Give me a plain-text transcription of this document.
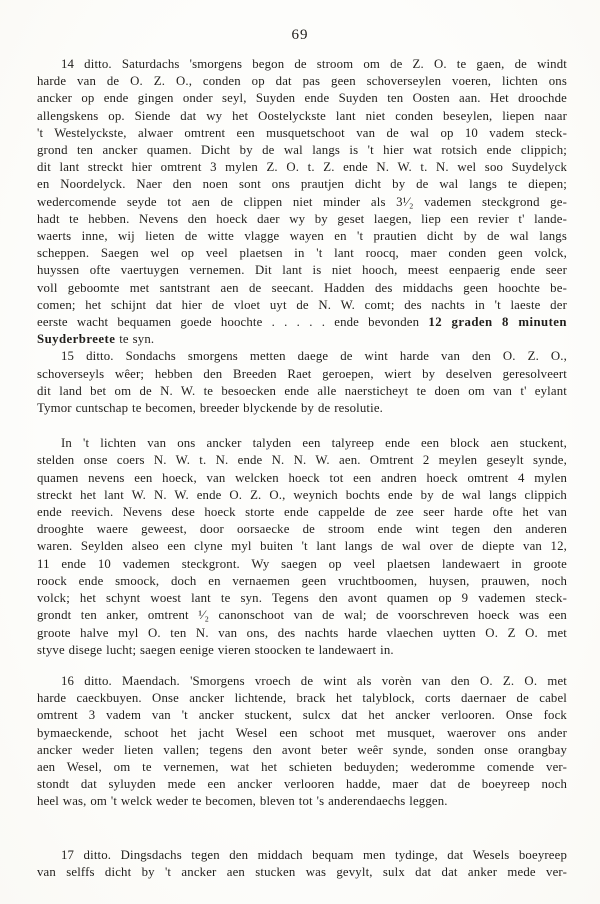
69
14 ditto. Saturdachs 'smorgens begon de stroom om de Z. O. te gaen, de windt
harde van de O. Z. O., conden op dat pas geen schoverseylen voeren, lichten ons
ancker op ende gingen onder seyl, Suyden ende Suyden ten Oosten aan. Het droochde
allengskens op. Siende dat wy het Oostelyckste lant niet conden beseylen, liepen naar
't Westelyckste, alwaer omtrent een musquetschoot van de wal op 10 vadem steck-
grond ten ancker quamen. Dicht by de wal langs is 't hier wat rotsich ende clippich;
dit lant streckt hier omtrent 3 mylen Z. O. t. Z. ende N. W. t. N. wel soo Suydelyck
en Noordelyck. Naer den noen sont ons prautjen dicht by de wal langs te diepen;
wedercomende seyde tot aen de clippen niet minder als 3¹⁄₂ vademen steckgrond ge-
hadt te hebben. Nevens den hoeck daer wy by geset laegen, liep een revier t' lande-
waerts inne, wij lieten de witte vlagge wayen en 't prautien dicht by de wal langs
scheppen. Saegen wel op veel plaetsen in 't lant roocq, maer conden geen volck,
huyssen ofte vaertuygen vernemen. Dit lant is niet hooch, meest eenpaerig ende seer
voll geboomte met santstrant aen de seecant. Hadden des middachs geen hoochte be-
comen; het schijnt dat hier de vloet uyt de N. W. comt; des nachts in 't laeste der
eerste wacht bequamen goede hoochte . . . . . ende bevonden 12 graden 8 minuten
Suyderbreete te syn.
15 ditto. Sondachs smorgens metten daege de wint harde van den O. Z. O.,
schoverseyls wêer; hebben den Breeden Raet geroepen, wiert by deselven geresolveert
dit land bet om de N. W. te besoecken ende alle naersticheyt te doen om van t' eylant
Tymor cuntschap te becomen, breeder blyckende by de resolutie.
In 't lichten van ons ancker talyden een talyreep ende een block aen stuckent,
stelden onse coers N. W. t. N. ende N. N. W. aen. Omtrent 2 meylen geseylt synde,
quamen nevens een hoeck, van welcken hoeck tot een andren hoeck omtrent 4 mylen
streckt het lant W. N. W. ende O. Z. O., weynich bochts ende by de wal langs clippich
ende reevich. Nevens dese hoeck storte ende cappelde de zee seer harde ofte het van
drooghte waere geweest, door oorsaecke de stroom ende wint tegen den anderen
waren. Seylden alseo een clyne myl buiten 't lant langs de wal over de diepte van 12,
11 ende 10 vademen steckgront. Wy saegen op veel plaetsen landewaert in groote
roock ende smoock, doch en vernaemen geen vruchtboomen, huysen, prauwen, noch
volck; het schynt woest lant te syn. Tegens den avont quamen op 9 vademen steck-
grondt ten anker, omtrent ¹⁄₂ canonschoot van de wal; de voorschreven hoeck was een
groote halve myl O. ten N. van ons, des nachts harde vlaechen uytten O. Z O. met
styve disege lucht; saegen eenige vieren stoocken te landewaert in.
16 ditto. Maendach. 'Smorgens vroech de wint als vorèn van den O. Z. O. met
harde caeckbuyen. Onse ancker lichtende, brack het talyblock, corts daernaer de cabel
omtrent 3 vadem van 't ancker stuckent, sulcx dat het ancker verlooren. Onse fock
bymaeckende, schoot het jacht Wesel een schoot met musquet, waerover ons ander
ancker weder lieten vallen; tegens den avont beter weêr synde, sonden onse orangbay
aen Wesel, om te vernemen, wat het schieten beduyden; wederomme comende ver-
stondt dat syluyden mede een ancker verlooren hadde, maer dat de boeyreep noch
heel was, om 't welck weder te becomen, bleven tot 's anderendaechs leggen.
17 ditto. Dingsdachs tegen den middach bequam men tydinge, dat Wesels boeyreep
van selffs dicht by 't ancker aen stucken was gevylt, sulx dat dat anker mede ver-
